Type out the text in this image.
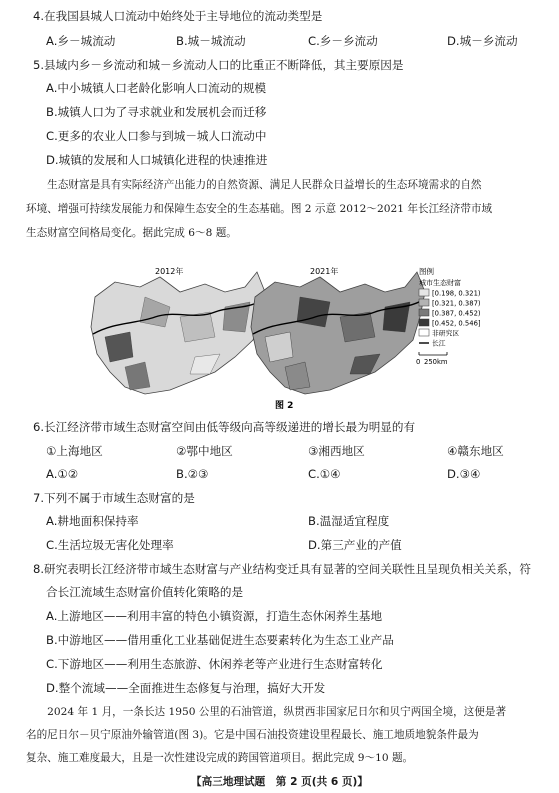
4.在我国县城人口流动中始终处于主导地位的流动类型是
A.乡－城流动	B.城－城流动	C.乡－乡流动	D.城－乡流动
5.县域内乡－乡流动和城－乡流动人口的比重正不断降低，其主要原因是
A.中小城镇人口老龄化影响人口流动的规模
B.城镇人口为了寻求就业和发展机会而迁移
C.更多的农业人口参与到城－城人口流动中
D.城镇的发展和人口城镇化进程的快速推进
　　生态财富是具有实际经济产出能力的自然资源、满足人民群众日益增长的生态环境需求的自然
环境、增强可持续发展能力和保障生态安全的生态基础。图 2 示意 2012～2021 年长江经济带市域
生态财富空间格局变化。据此完成 6～8 题。
2012年	2021年	图例
城市生态财富
[0.198, 0.321)
[0.321, 0.387)
[0.387, 0.452)
[0.452, 0.546]
非研究区
长江
0 250km
图 2
6.长江经济带市域生态财富空间由低等级向高等级递进的增长最为明显的有
①上海地区	②鄂中地区	③湘西地区	④赣东地区
A.①②	B.②③	C.①④	D.③④
7.下列不属于市域生态财富的是
A.耕地面积保持率	B.温湿适宜程度
C.生活垃圾无害化处理率	D.第三产业的产值
8.研究表明长江经济带市域生态财富与产业结构变迁具有显著的空间关联性且呈现负相关关系，符
合长江流域生态财富价值转化策略的是
A.上游地区——利用丰富的特色小镇资源，打造生态休闲养生基地
B.中游地区——借用重化工业基础促进生态要素转化为生态工业产品
C.下游地区——利用生态旅游、休闲养老等产业进行生态财富转化
D.整个流域——全面推进生态修复与治理，搞好大开发
　　2024 年 1 月，一条长达 1950 公里的石油管道，纵贯西非国家尼日尔和贝宁两国全境，这便是著
名的尼日尔－贝宁原油外输管道(图 3)。它是中国石油投资建设里程最长、施工地质地貌条件最为
复杂、施工难度最大，且是一次性建设完成的跨国管道项目。据此完成 9～10 题。
【高三地理试题　第 2 页(共 6 页)】
